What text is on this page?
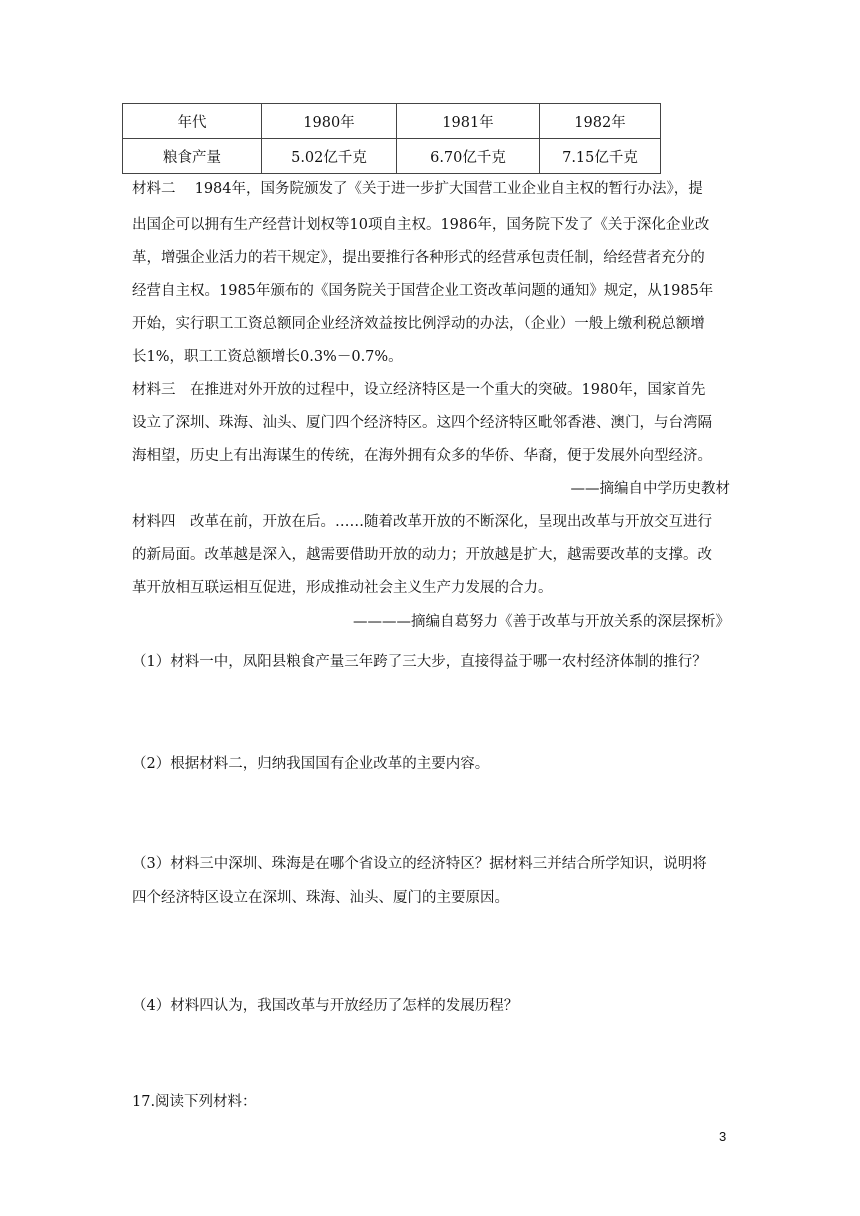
年代	1980年	1981年	1982年
粮食产量	5.02亿千克	6.70亿千克	7.15亿千克
材料二　 1984年，国务院颁发了《关于进一步扩大国营工业企业自主权的暂行办法》，提
出国企可以拥有生产经营计划权等10项自主权。1986年，国务院下发了《关于深化企业改
革，增强企业活力的若干规定》，提出要推行各种形式的经营承包责任制，给经营者充分的
经营自主权。1985年颁布的《国务院关于国营企业工资改革问题的通知》规定，从1985年
开始，实行职工工资总额同企业经济效益按比例浮动的办法，（企业）一般上缴利税总额增
长1%，职工工资总额增长0.3%－0.7%。
材料三　在推进对外开放的过程中，设立经济特区是一个重大的突破。1980年，国家首先
设立了深圳、珠海、汕头、厦门四个经济特区。这四个经济特区毗邻香港、澳门，与台湾隔
海相望，历史上有出海谋生的传统，在海外拥有众多的华侨、华裔，便于发展外向型经济。
——摘编自中学历史教材
材料四　改革在前，开放在后。……随着改革开放的不断深化，呈现出改革与开放交互进行
的新局面。改革越是深入，越需要借助开放的动力；开放越是扩大，越需要改革的支撑。改
革开放相互联运相互促进，形成推动社会主义生产力发展的合力。
————摘编自葛努力《善于改革与开放关系的深层探析》
（1）材料一中，凤阳县粮食产量三年跨了三大步，直接得益于哪一农村经济体制的推行？
（2）根据材料二，归纳我国国有企业改革的主要内容。
（3）材料三中深圳、珠海是在哪个省设立的经济特区？据材料三并结合所学知识，说明将
四个经济特区设立在深圳、珠海、汕头、厦门的主要原因。
（4）材料四认为，我国改革与开放经历了怎样的发展历程？
17.阅读下列材料：
3
